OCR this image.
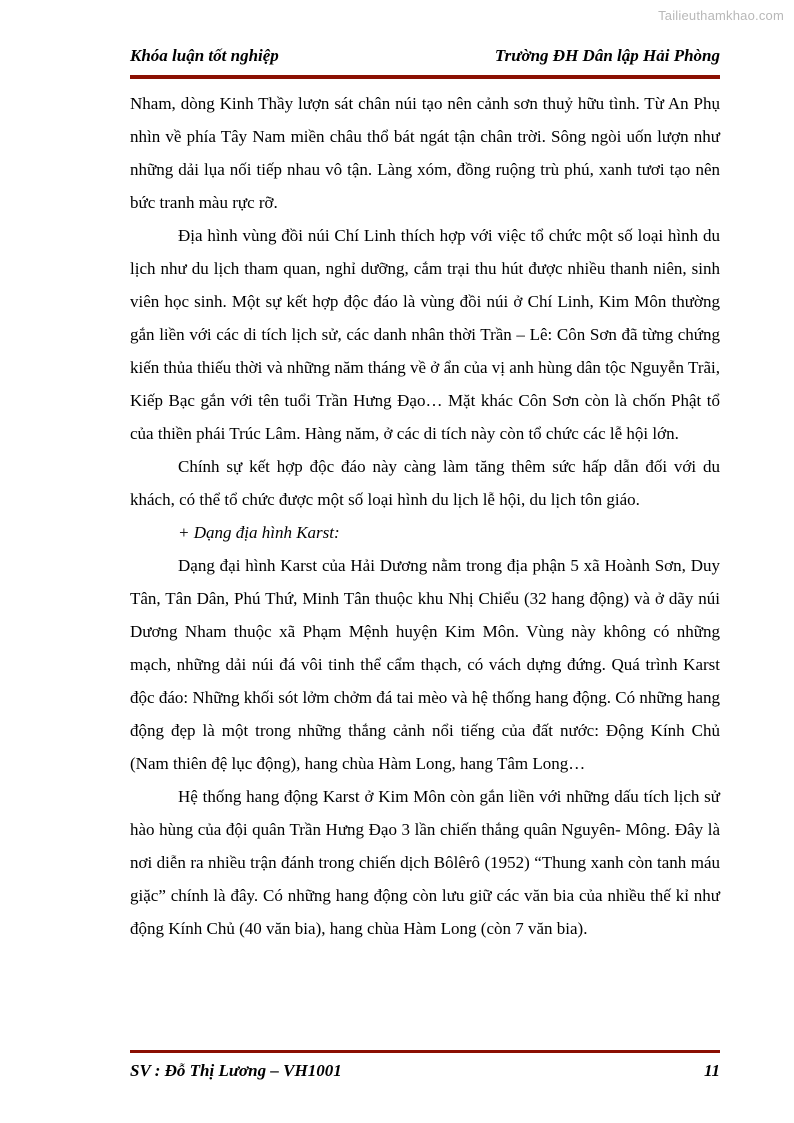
Tailieuthamkhao.com
Khóa luận tốt nghiệp	Trường ĐH Dân lập Hải Phòng

Nham, dòng Kinh Thầy lượn sát chân núi tạo nên cảnh sơn thuỷ hữu tình. Từ An Phụ nhìn về phía Tây Nam miền châu thổ bát ngát tận chân trời. Sông ngòi uốn lượn như những dải lụa nối tiếp nhau vô tận. Làng xóm, đồng ruộng trù phú, xanh tươi tạo nên bức tranh màu rực rỡ.

Địa hình vùng đồi núi Chí Linh thích hợp với việc tổ chức một số loại hình du lịch như du lịch tham quan, nghỉ dưỡng, cắm trại thu hút được nhiều thanh niên, sinh viên học sinh. Một sự kết hợp độc đáo là vùng đồi núi ở Chí Linh, Kim Môn thường gắn liền với các di tích lịch sử, các danh nhân thời Trần – Lê: Côn Sơn đã từng chứng kiến thủa thiếu thời và những năm tháng về ở ẩn của vị anh hùng dân tộc Nguyễn Trãi, Kiếp Bạc gắn với tên tuổi Trần Hưng Đạo… Mặt khác Côn Sơn còn là chốn Phật tổ của thiền phái Trúc Lâm. Hàng năm, ở các di tích này còn tổ chức các lễ hội lớn.

Chính sự kết hợp độc đáo này càng làm tăng thêm sức hấp dẫn đối với du khách, có thể tổ chức được một số loại hình du lịch lễ hội, du lịch tôn giáo.

+ Dạng địa hình Karst:

Dạng đại hình Karst của Hải Dương nằm trong địa phận 5 xã Hoành Sơn, Duy Tân, Tân Dân, Phú Thứ, Minh Tân thuộc khu Nhị Chiểu (32 hang động) và ở dãy núi Dương Nham thuộc xã Phạm Mệnh huyện Kim Môn. Vùng này không có những mạch, những dải núi đá vôi tinh thể cẩm thạch, có vách dựng đứng. Quá trình Karst độc đáo: Những khối sót lởm chởm đá tai mèo và hệ thống hang động. Có những hang động đẹp là một trong những thắng cảnh nổi tiếng của đất nước: Động Kính Chủ (Nam thiên đệ lục động), hang chùa Hàm Long, hang Tâm Long…

Hệ thống hang động Karst ở Kim Môn còn gắn liền với những dấu tích lịch sử hào hùng của đội quân Trần Hưng Đạo 3 lần chiến thắng quân Nguyên- Mông. Đây là nơi diễn ra nhiều trận đánh trong chiến dịch Bôlêrô (1952) “Thung xanh còn tanh máu giặc” chính là đây. Có những hang động còn lưu giữ các văn bia của nhiều thế kỉ như động Kính Chủ (40 văn bia), hang chùa Hàm Long (còn 7 văn bia).

SV : Đỗ Thị Lương – VH1001	11
